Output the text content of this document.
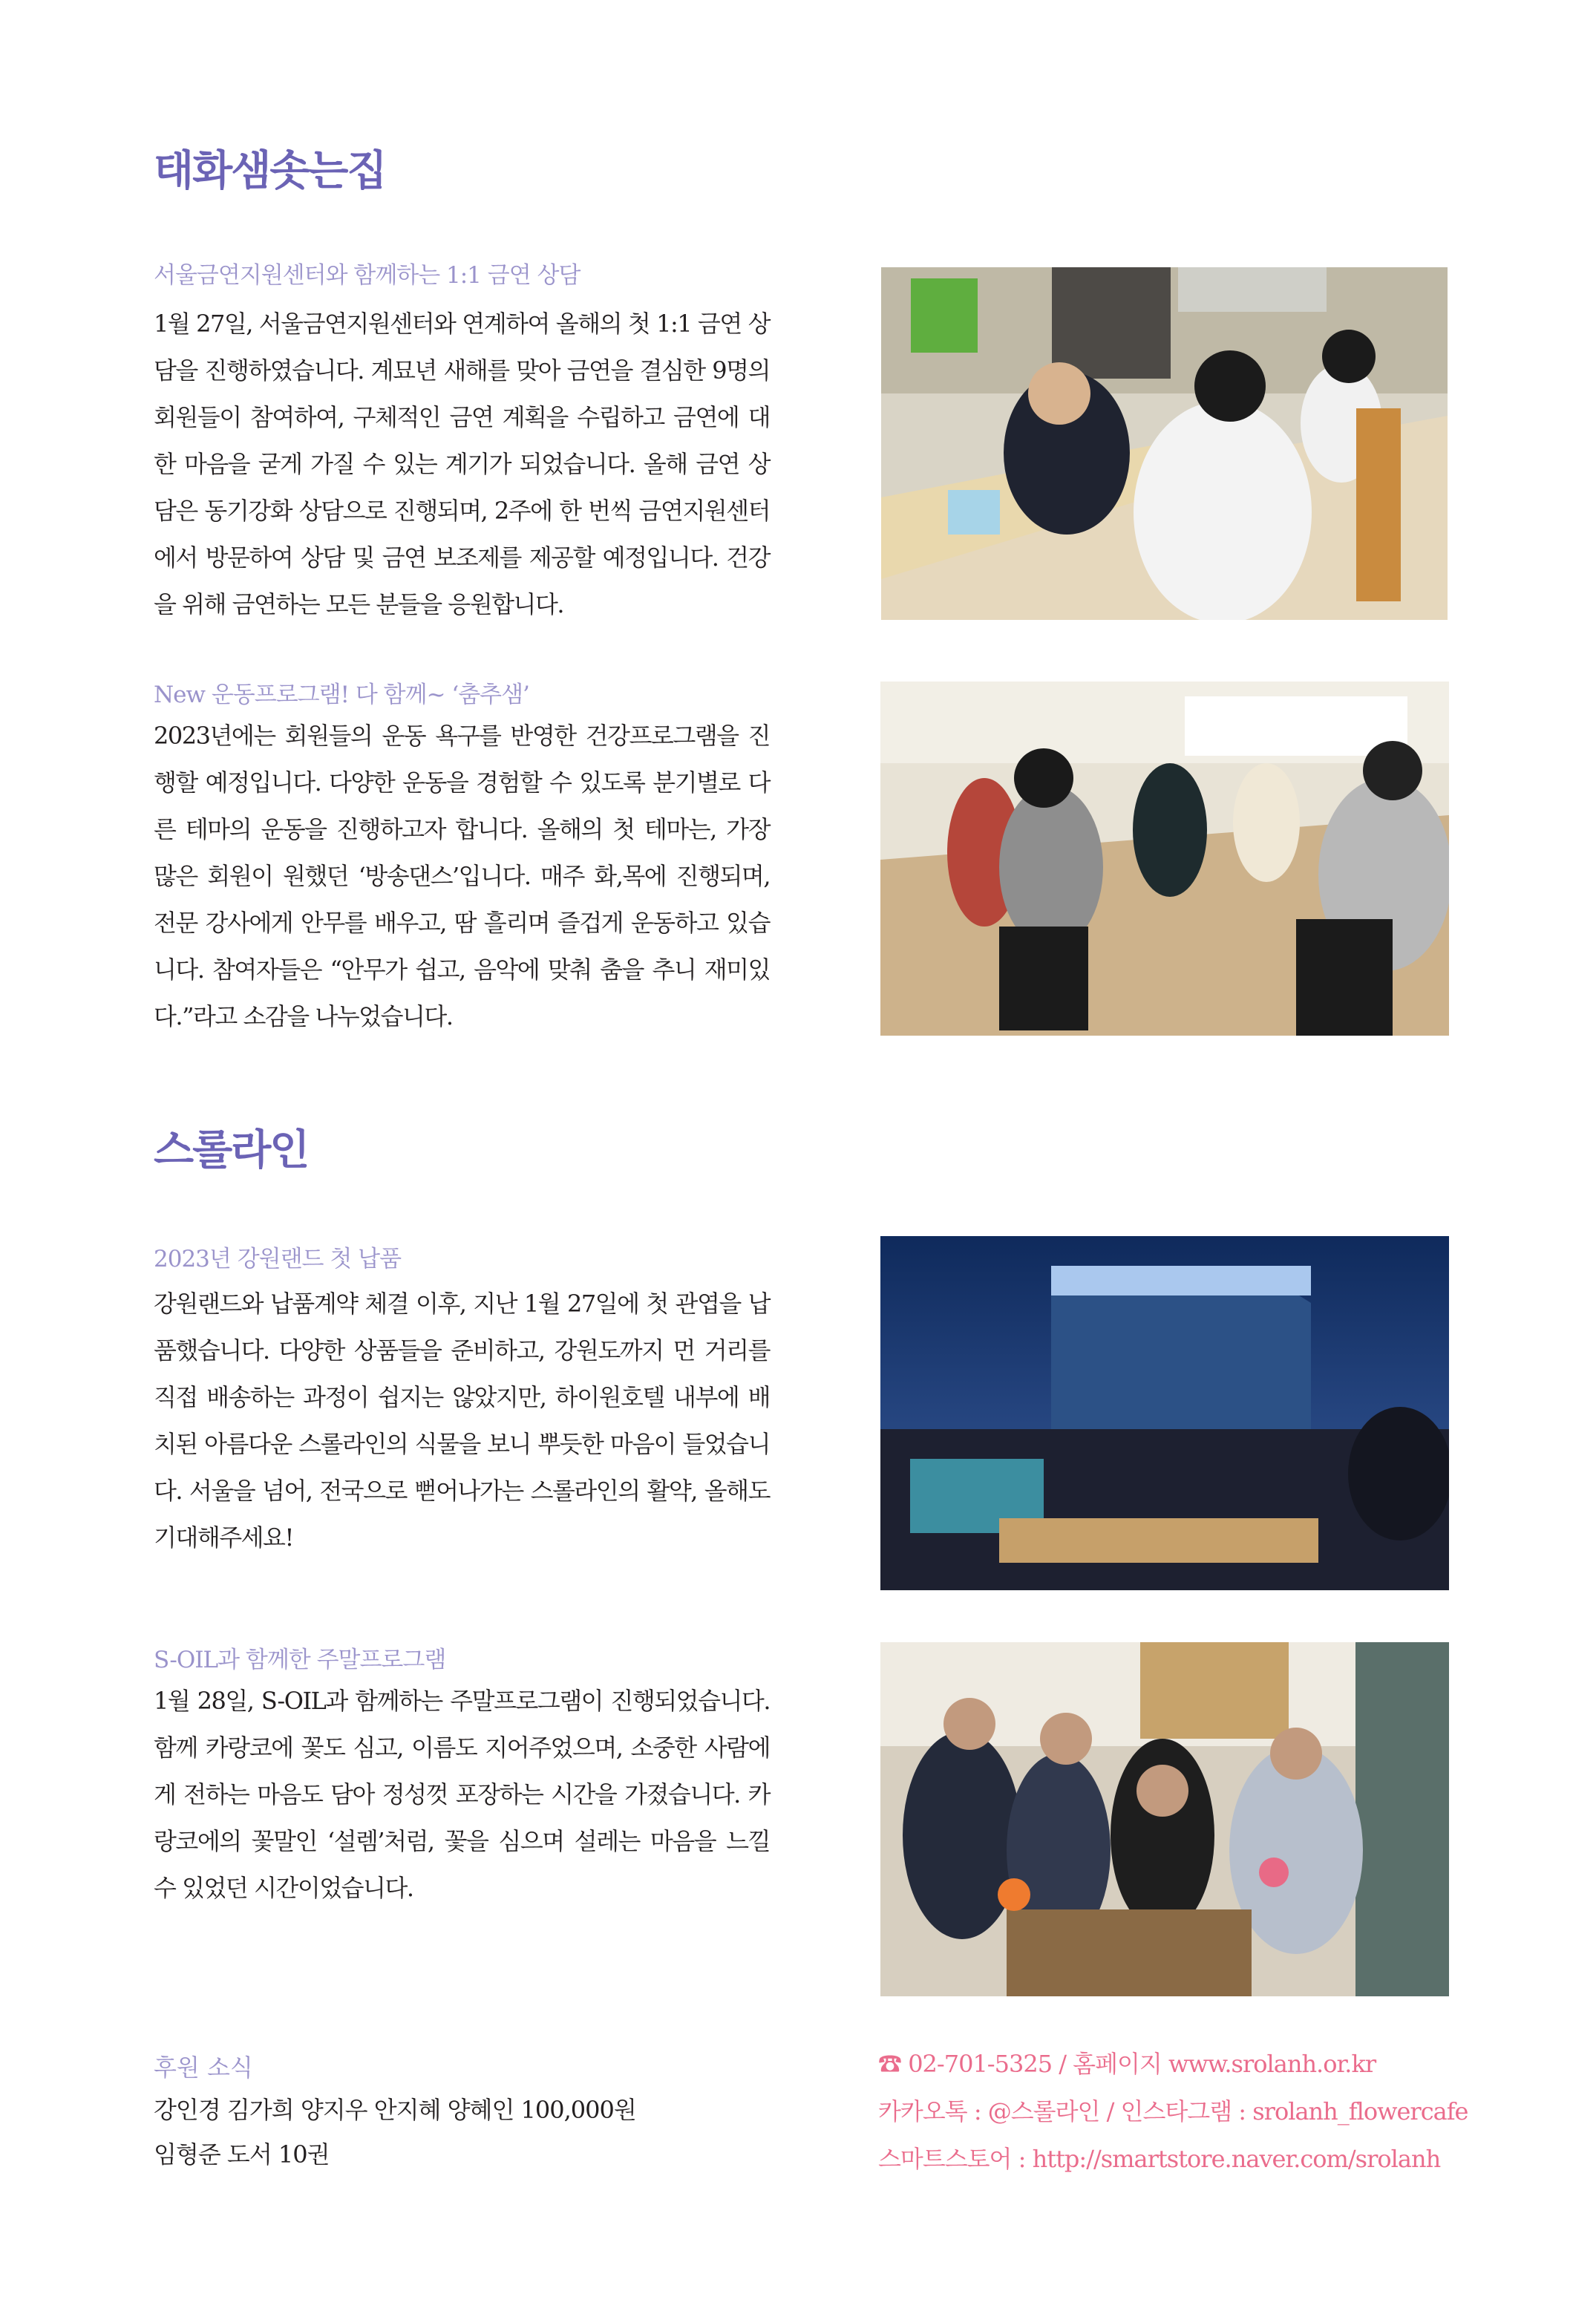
태화샘솟는집

서울금연지원센터와 함께하는 1:1 금연 상담

1월 27일, 서울금연지원센터와 연계하여 올해의 첫 1:1 금연 상담을 진행하였습니다. 계묘년 새해를 맞아 금연을 결심한 9명의 회원들이 참여하여, 구체적인 금연 계획을 수립하고 금연에 대한 마음을 굳게 가질 수 있는 계기가 되었습니다. 올해 금연 상담은 동기강화 상담으로 진행되며, 2주에 한 번씩 금연지원센터에서 방문하여 상담 및 금연 보조제를 제공할 예정입니다. 건강을 위해 금연하는 모든 분들을 응원합니다.

New 운동프로그램! 다 함께~ ‘춤추샘’

2023년에는 회원들의 운동 욕구를 반영한 건강프로그램을 진행할 예정입니다. 다양한 운동을 경험할 수 있도록 분기별로 다른 테마의 운동을 진행하고자 합니다. 올해의 첫 테마는, 가장 많은 회원이 원했던 ‘방송댄스’입니다. 매주 화,목에 진행되며, 전문 강사에게 안무를 배우고, 땀 흘리며 즐겁게 운동하고 있습니다. 참여자들은 “안무가 쉽고, 음악에 맞춰 춤을 추니 재미있다.”라고 소감을 나누었습니다.

스롤라인

2023년 강원랜드 첫 납품

강원랜드와 납품계약 체결 이후, 지난 1월 27일에 첫 관엽을 납품했습니다. 다양한 상품들을 준비하고, 강원도까지 먼 거리를 직접 배송하는 과정이 쉽지는 않았지만, 하이원호텔 내부에 배치된 아름다운 스롤라인의 식물을 보니 뿌듯한 마음이 들었습니다. 서울을 넘어, 전국으로 뻗어나가는 스롤라인의 활약, 올해도 기대해주세요!

S-OIL과 함께한 주말프로그램

1월 28일, S-OIL과 함께하는 주말프로그램이 진행되었습니다. 함께 카랑코에 꽃도 심고, 이름도 지어주었으며, 소중한 사람에게 전하는 마음도 담아 정성껏 포장하는 시간을 가졌습니다. 카랑코에의 꽃말인 ‘설렘’처럼, 꽃을 심으며 설레는 마음을 느낄 수 있었던 시간이었습니다.

후원 소식

강인경 김가희 양지우 안지혜 양혜인 100,000원

임형준 도서 10권

☎ 02-701-5325 / 홈페이지 www.srolanh.or.kr

카카오톡 : @스롤라인 / 인스타그램 : srolanh_flowercafe

스마트스토어 : http://smartstore.naver.com/srolanh
